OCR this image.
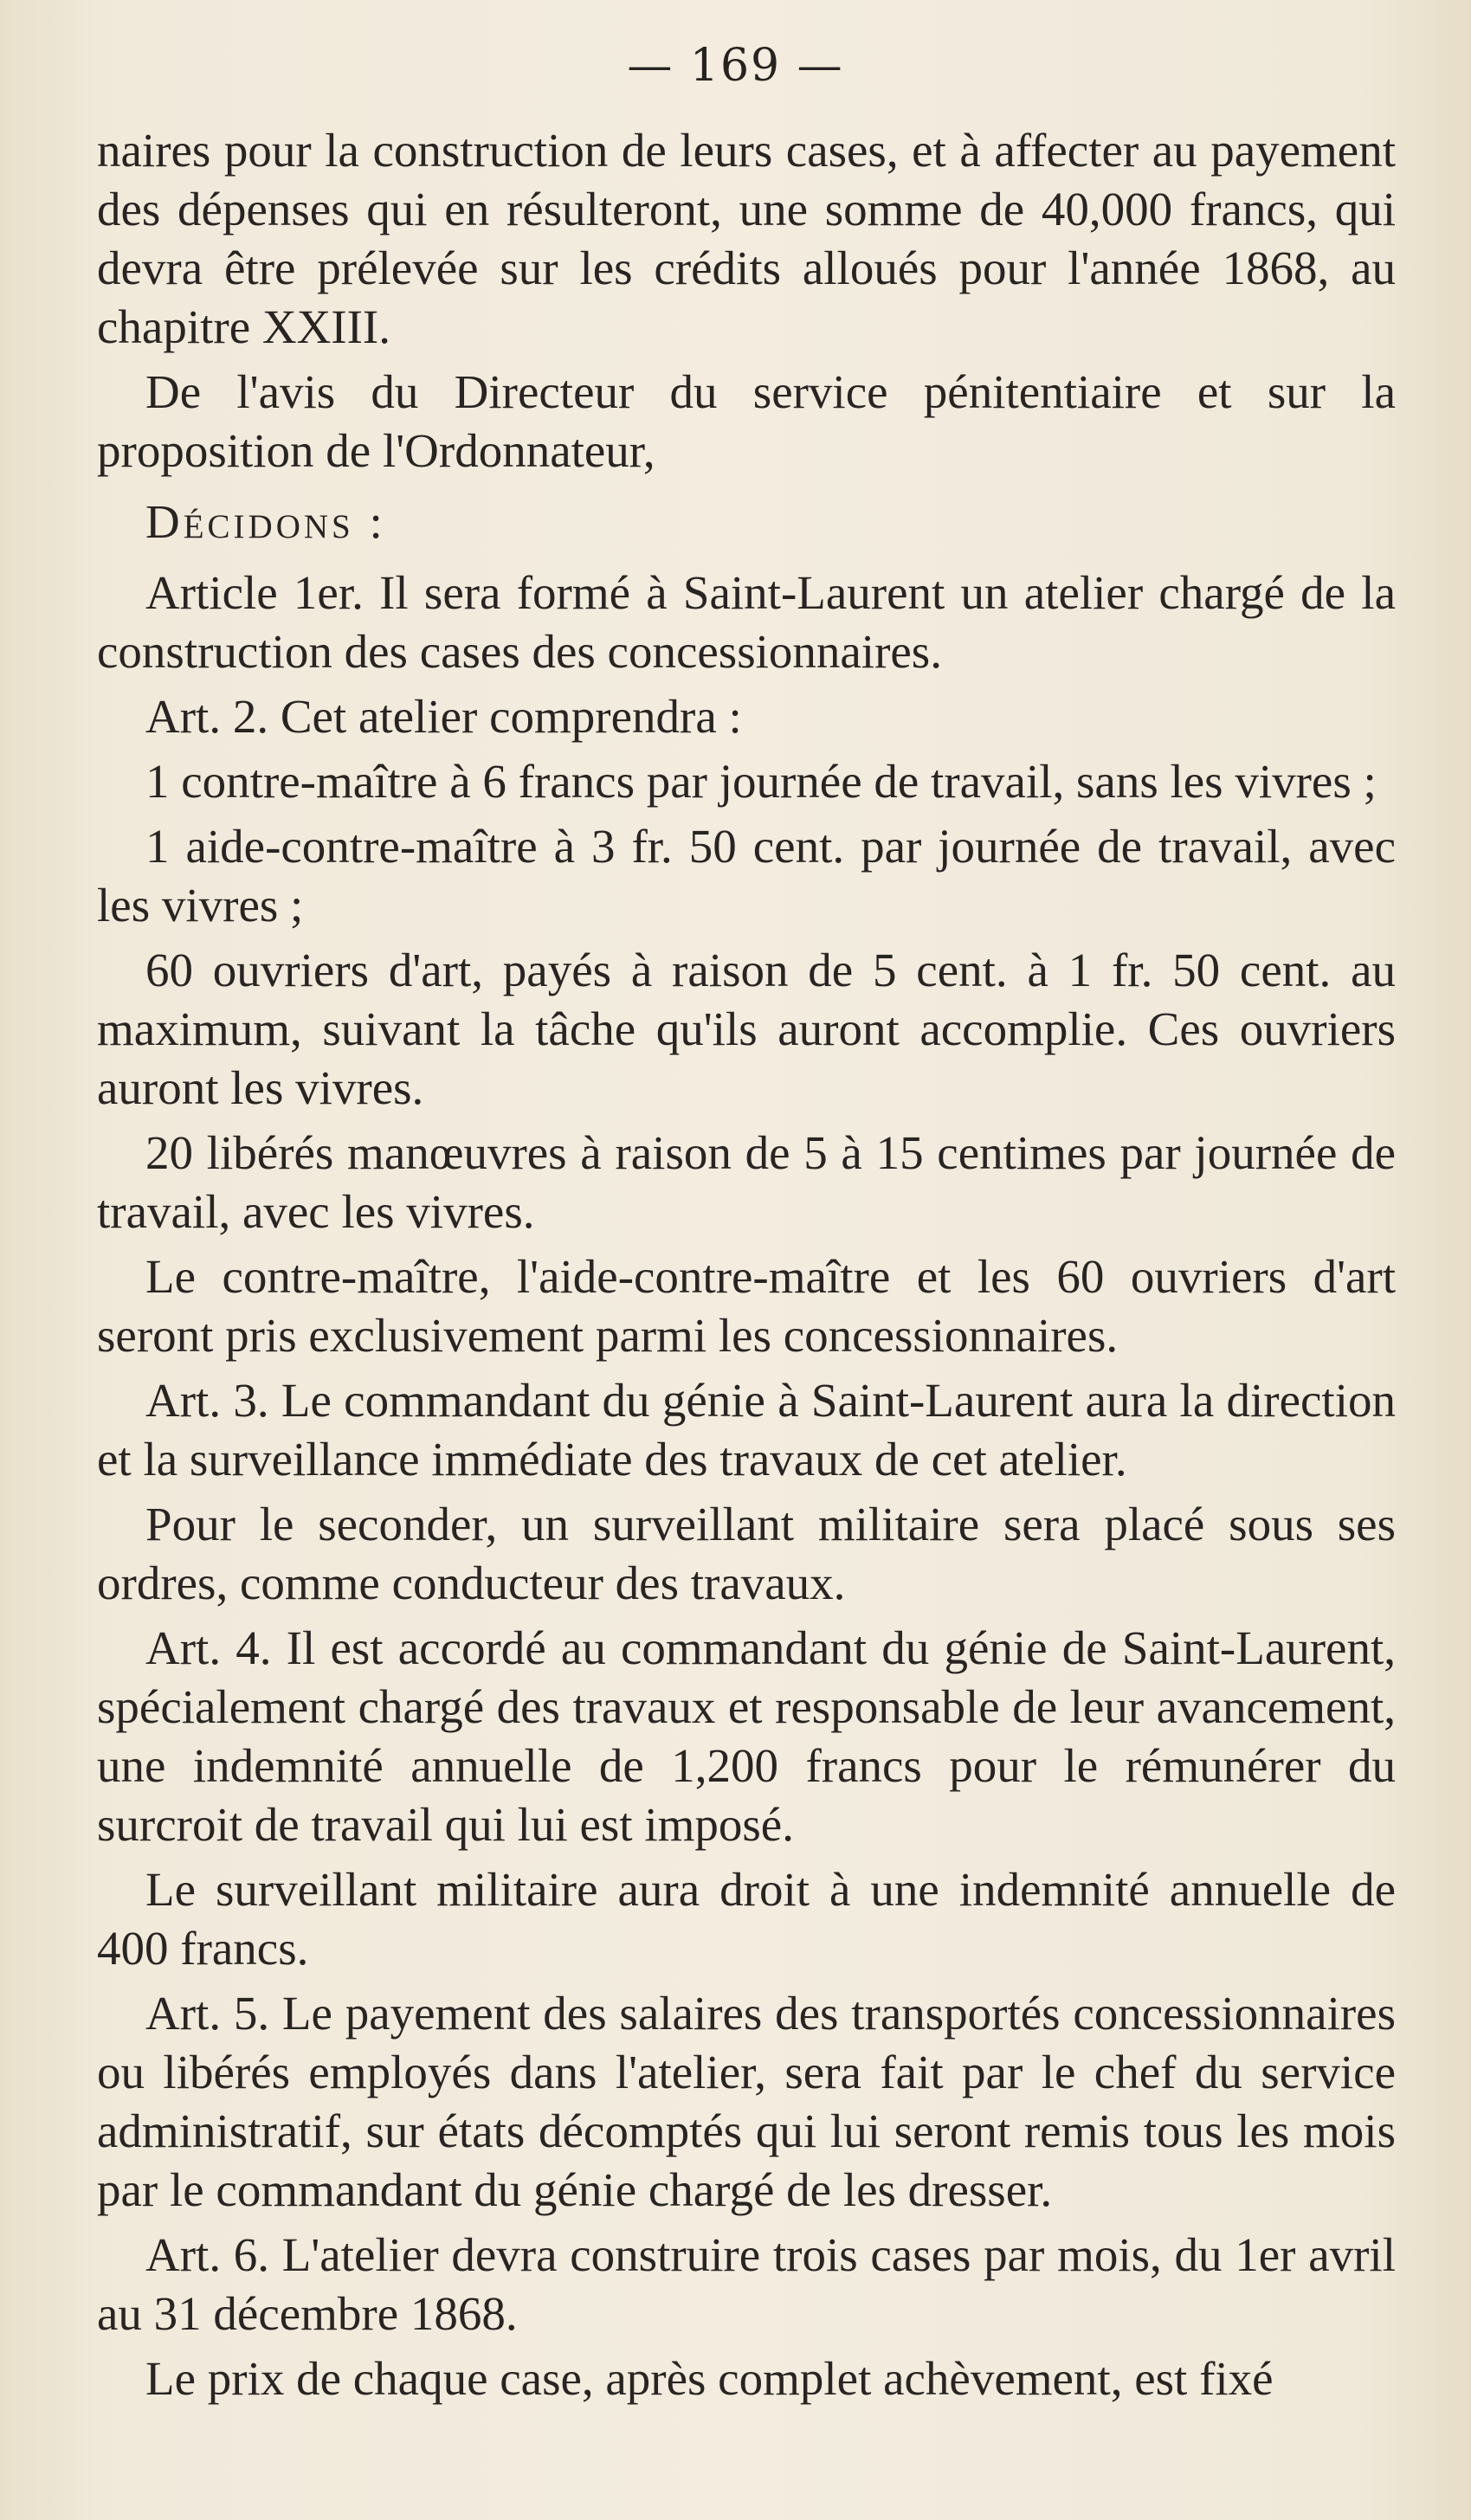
— 169 —

naires pour la construction de leurs cases, et à affecter au payement des dépenses qui en résulteront, une somme de 40,000 francs, qui devra être prélevée sur les crédits alloués pour l'année 1868, au chapitre XXIII.

De l'avis du Directeur du service pénitentiaire et sur la proposition de l'Ordonnateur,

Décidons :

Article 1er. Il sera formé à Saint-Laurent un atelier chargé de la construction des cases des concessionnaires.

Art. 2. Cet atelier comprendra :

1 contre-maître à 6 francs par journée de travail, sans les vivres ;

1 aide-contre-maître à 3 fr. 50 cent. par journée de travail, avec les vivres ;

60 ouvriers d'art, payés à raison de 5 cent. à 1 fr. 50 cent. au maximum, suivant la tâche qu'ils auront accomplie. Ces ouvriers auront les vivres.

20 libérés manœuvres à raison de 5 à 15 centimes par journée de travail, avec les vivres.

Le contre-maître, l'aide-contre-maître et les 60 ouvriers d'art seront pris exclusivement parmi les concessionnaires.

Art. 3. Le commandant du génie à Saint-Laurent aura la direction et la surveillance immédiate des travaux de cet atelier.

Pour le seconder, un surveillant militaire sera placé sous ses ordres, comme conducteur des travaux.

Art. 4. Il est accordé au commandant du génie de Saint-Laurent, spécialement chargé des travaux et responsable de leur avancement, une indemnité annuelle de 1,200 francs pour le rémunérer du surcroit de travail qui lui est imposé.

Le surveillant militaire aura droit à une indemnité annuelle de 400 francs.

Art. 5. Le payement des salaires des transportés concessionnaires ou libérés employés dans l'atelier, sera fait par le chef du service administratif, sur états décomptés qui lui seront remis tous les mois par le commandant du génie chargé de les dresser.

Art. 6. L'atelier devra construire trois cases par mois, du 1er avril au 31 décembre 1868.

Le prix de chaque case, après complet achèvement, est fixé
